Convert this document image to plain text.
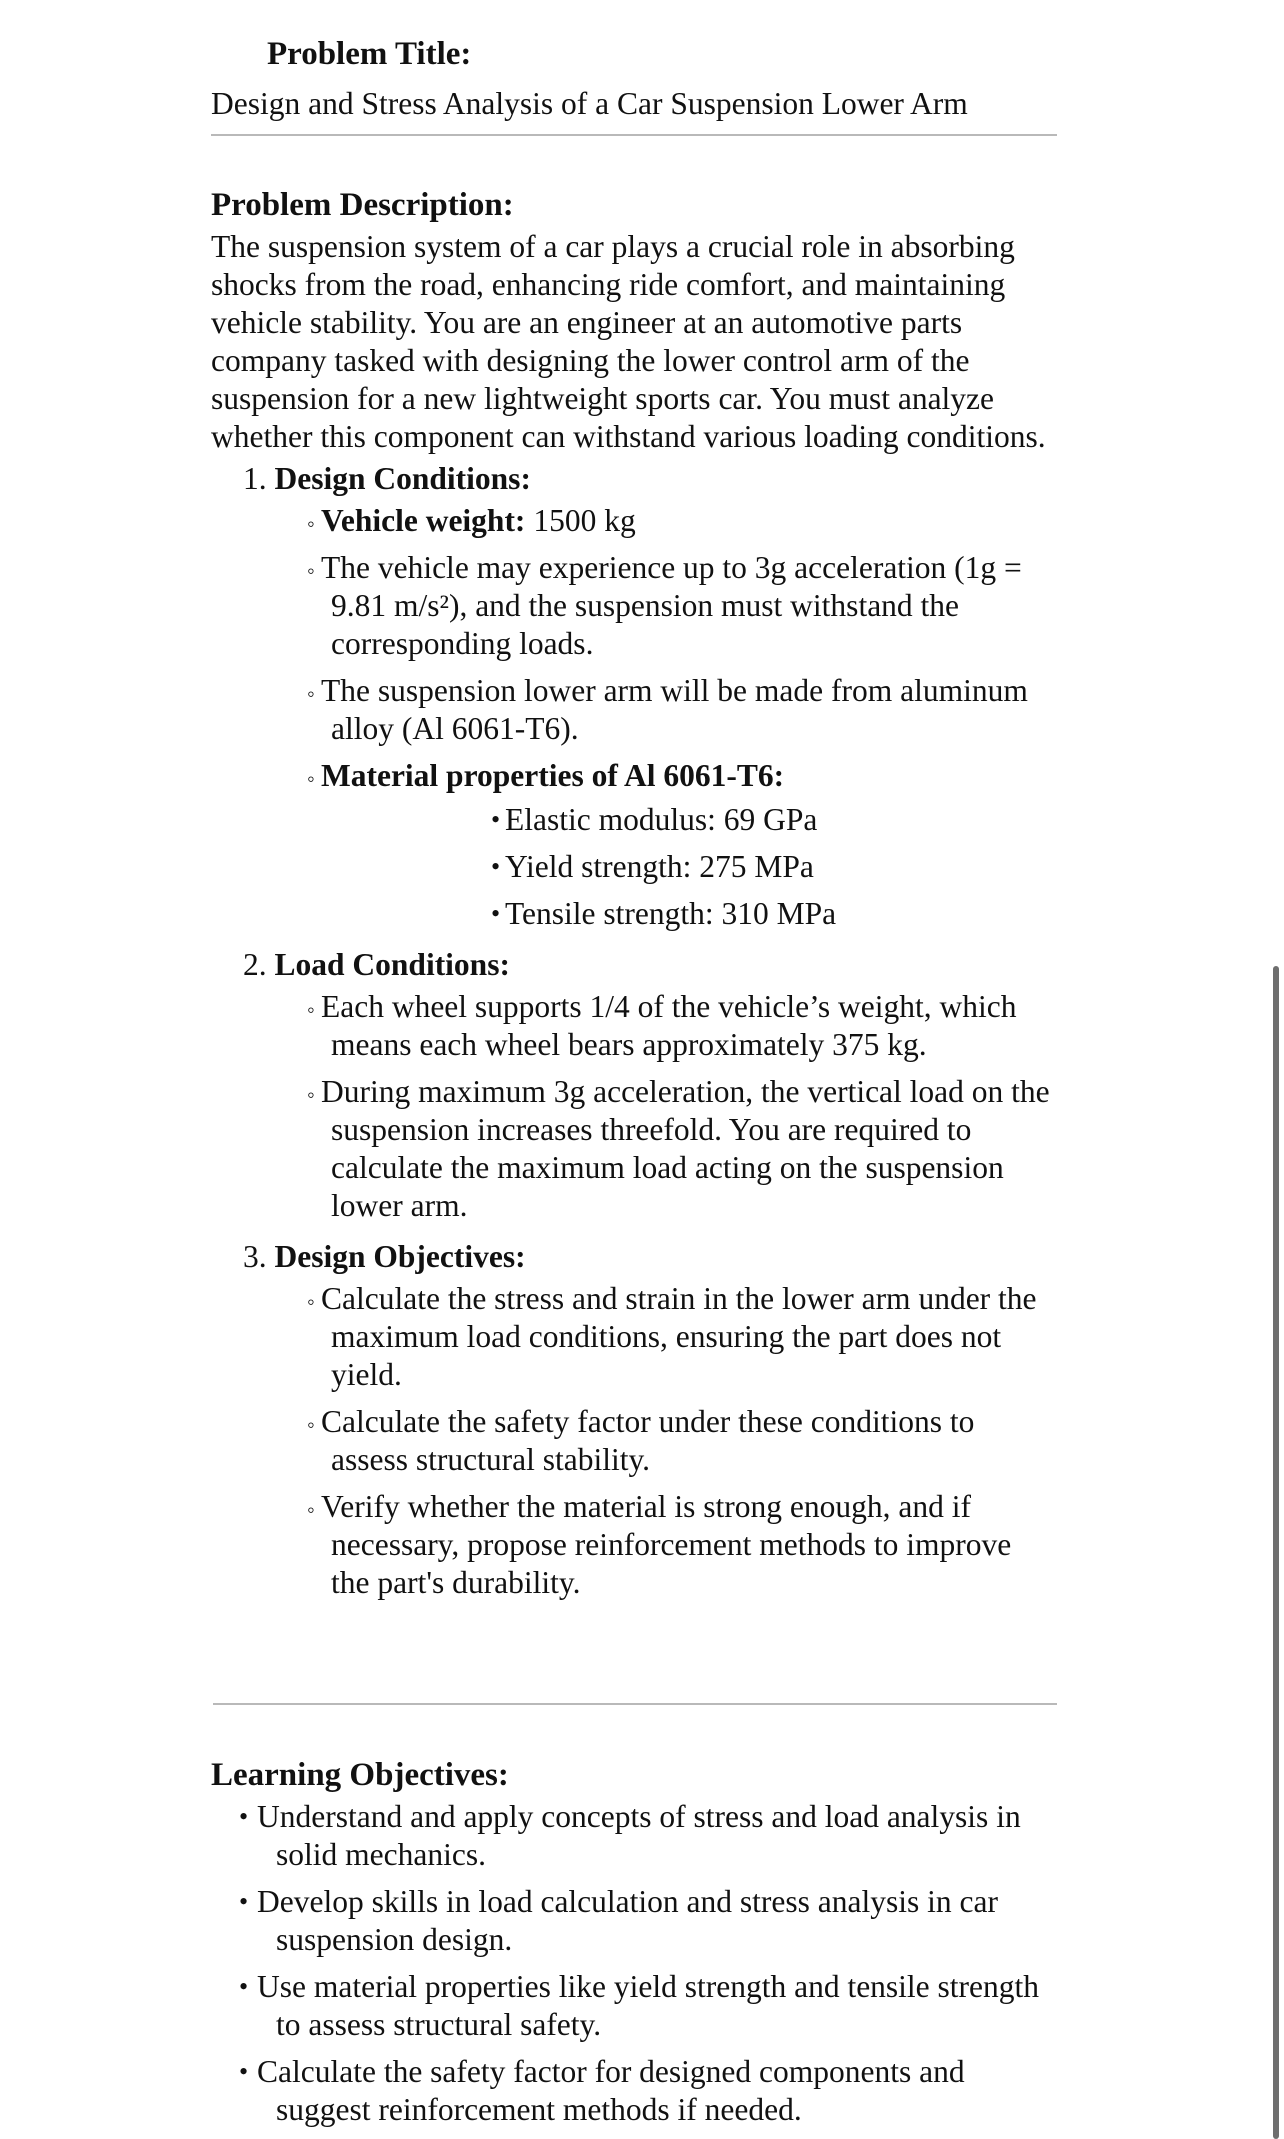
Problem Title:
Design and Stress Analysis of a Car Suspension Lower Arm
Problem Description:

The suspension system of a car plays a crucial role in absorbing shocks from the road, enhancing ride comfort, and maintaining vehicle stability. You are an engineer at an automotive parts company tasked with designing the lower control arm of the suspension for a new lightweight sports car. You must analyze whether this component can withstand various loading conditions.

1. Design Conditions:
◦ Vehicle weight: 1500 kg
◦ The vehicle may experience up to 3g acceleration (1g = 9.81 m/s²), and the suspension must withstand the corresponding loads.
◦ The suspension lower arm will be made from aluminum alloy (Al 6061-T6).
◦ Material properties of Al 6061-T6:
• Elastic modulus: 69 GPa
• Yield strength: 275 MPa
• Tensile strength: 310 MPa
2. Load Conditions:
◦ Each wheel supports 1/4 of the vehicle’s weight, which means each wheel bears approximately 375 kg.
◦ During maximum 3g acceleration, the vertical load on the suspension increases threefold. You are required to calculate the maximum load acting on the suspension lower arm.
3. Design Objectives:
◦ Calculate the stress and strain in the lower arm under the maximum load conditions, ensuring the part does not yield.
◦ Calculate the safety factor under these conditions to assess structural stability.
◦ Verify whether the material is strong enough, and if necessary, propose reinforcement methods to improve the part's durability.
Learning Objectives:
• Understand and apply concepts of stress and load analysis in solid mechanics.
• Develop skills in load calculation and stress analysis in car suspension design.
• Use material properties like yield strength and tensile strength to assess structural safety.
• Calculate the safety factor for designed components and suggest reinforcement methods if needed.
